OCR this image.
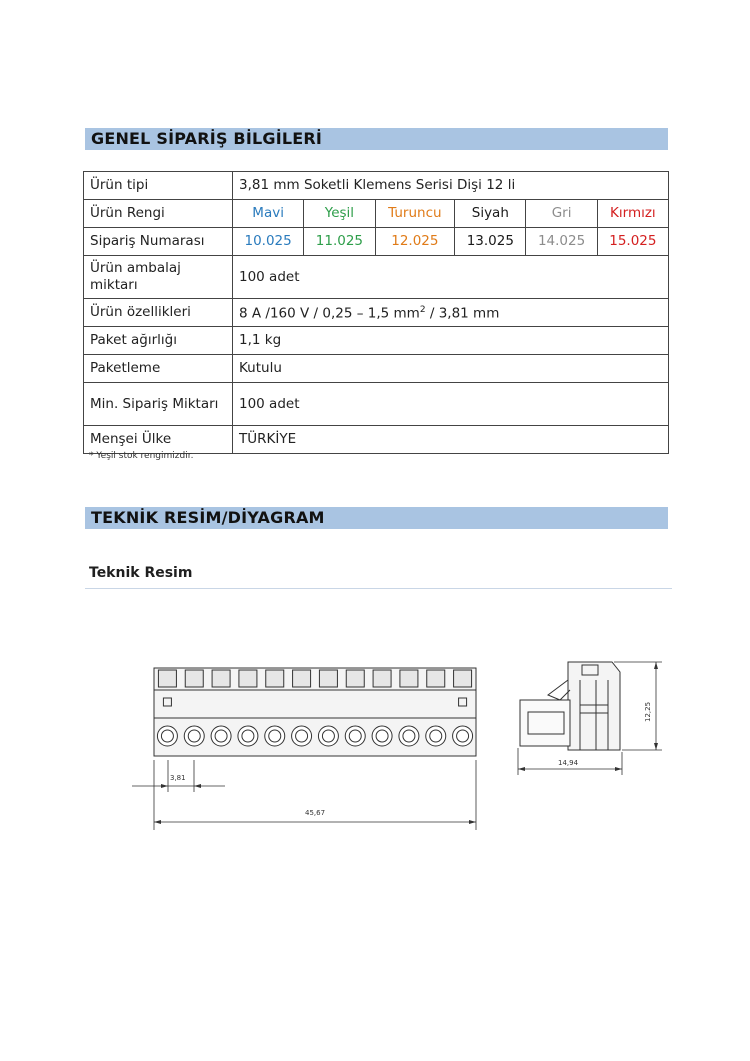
GENEL SİPARİŞ BİLGİLERİ
Ürün tipi	3,81 mm Soketli Klemens Serisi Dişi 12 li					
Ürün Rengi	Mavi	Yeşil	Turuncu	Siyah	Gri	Kırmızı
Sipariş Numarası	10.025	11.025	12.025	13.025	14.025	15.025
Ürün ambalaj miktarı	100 adet					
Ürün özellikleri	8 A /160 V / 0,25 – 1,5 $mm^2 / 3,81$ mm					
Paket ağırlığı	1,1 kg					
Paketleme	Kutulu					
Min. Sipariş Miktarı	100 adet					
Menşei Ülke	TÜRKİYE					
* Yeşil stok rengimizdir.
TEKNİK RESİM/DİYAGRAM
Teknik Resim
3,81
45,67
14,94
12,25
